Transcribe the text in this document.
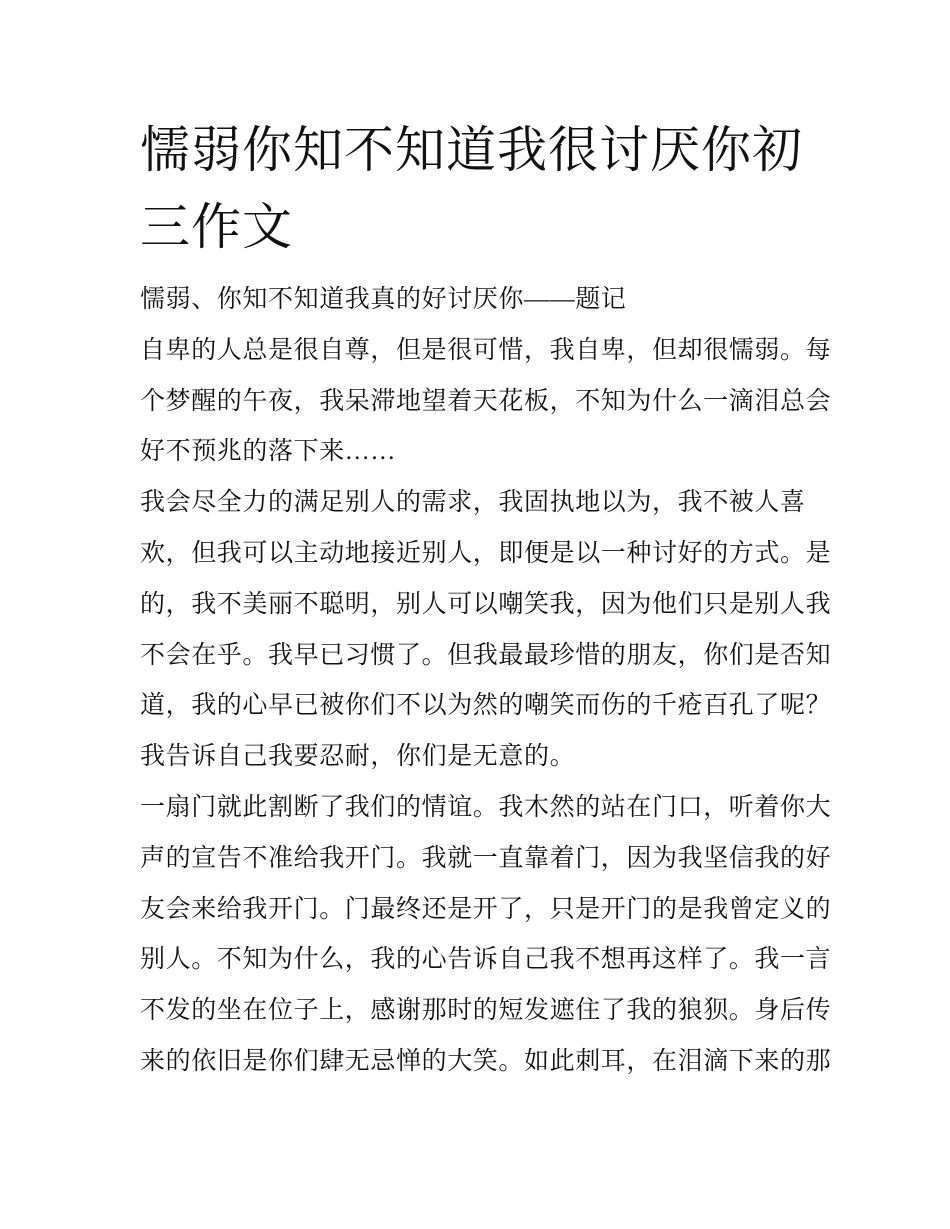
懦弱你知不知道我很讨厌你初
三作文
懦弱、你知不知道我真的好讨厌你——题记
自卑的人总是很自尊，但是很可惜，我自卑，但却很懦弱。每
个梦醒的午夜，我呆滞地望着天花板，不知为什么一滴泪总会
好不预兆的落下来……
我会尽全力的满足别人的需求，我固执地以为，我不被人喜
欢，但我可以主动地接近别人，即便是以一种讨好的方式。是
的，我不美丽不聪明，别人可以嘲笑我，因为他们只是别人我
不会在乎。我早已习惯了。但我最最珍惜的朋友，你们是否知
道，我的心早已被你们不以为然的嘲笑而伤的千疮百孔了呢？
我告诉自己我要忍耐，你们是无意的。
一扇门就此割断了我们的情谊。我木然的站在门口，听着你大
声的宣告不准给我开门。我就一直靠着门，因为我坚信我的好
友会来给我开门。门最终还是开了，只是开门的是我曾定义的
别人。不知为什么，我的心告诉自己我不想再这样了。我一言
不发的坐在位子上，感谢那时的短发遮住了我的狼狈。身后传
来的依旧是你们肆无忌惮的大笑。如此刺耳，在泪滴下来的那
